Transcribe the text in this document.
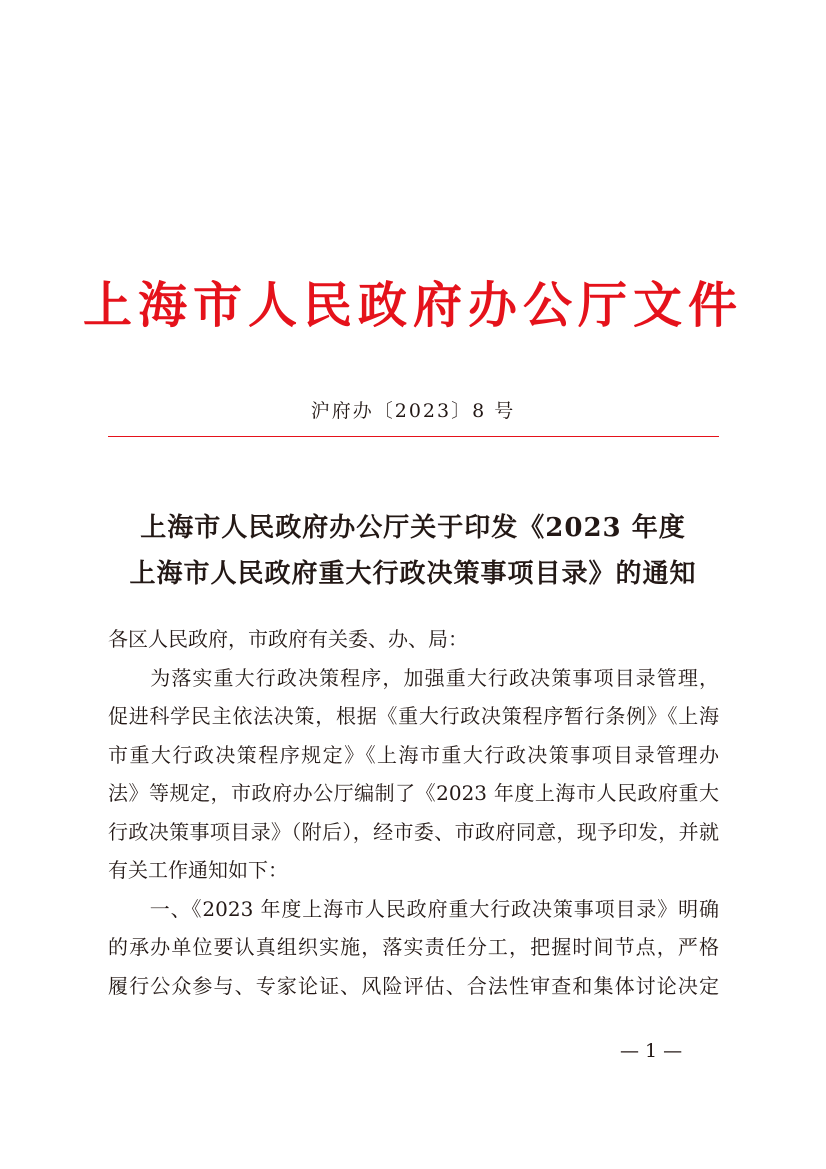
上海市人民政府办公厅文件
沪府办〔2023〕8 号
上海市人民政府办公厅关于印发《2023 年度
上海市人民政府重大行政决策事项目录》的通知
各区人民政府，市政府有关委、办、局：
　　为落实重大行政决策程序，加强重大行政决策事项目录管理，
促进科学民主依法决策，根据《重大行政决策程序暂行条例》《上海
市重大行政决策程序规定》《上海市重大行政决策事项目录管理办
法》等规定，市政府办公厅编制了《2023 年度上海市人民政府重大
行政决策事项目录》（附后），经市委、市政府同意，现予印发，并就
有关工作通知如下：
　　一、《2023 年度上海市人民政府重大行政决策事项目录》明确
的承办单位要认真组织实施，落实责任分工，把握时间节点，严格
履行公众参与、专家论证、风险评估、合法性审查和集体讨论决定
— 1 —
